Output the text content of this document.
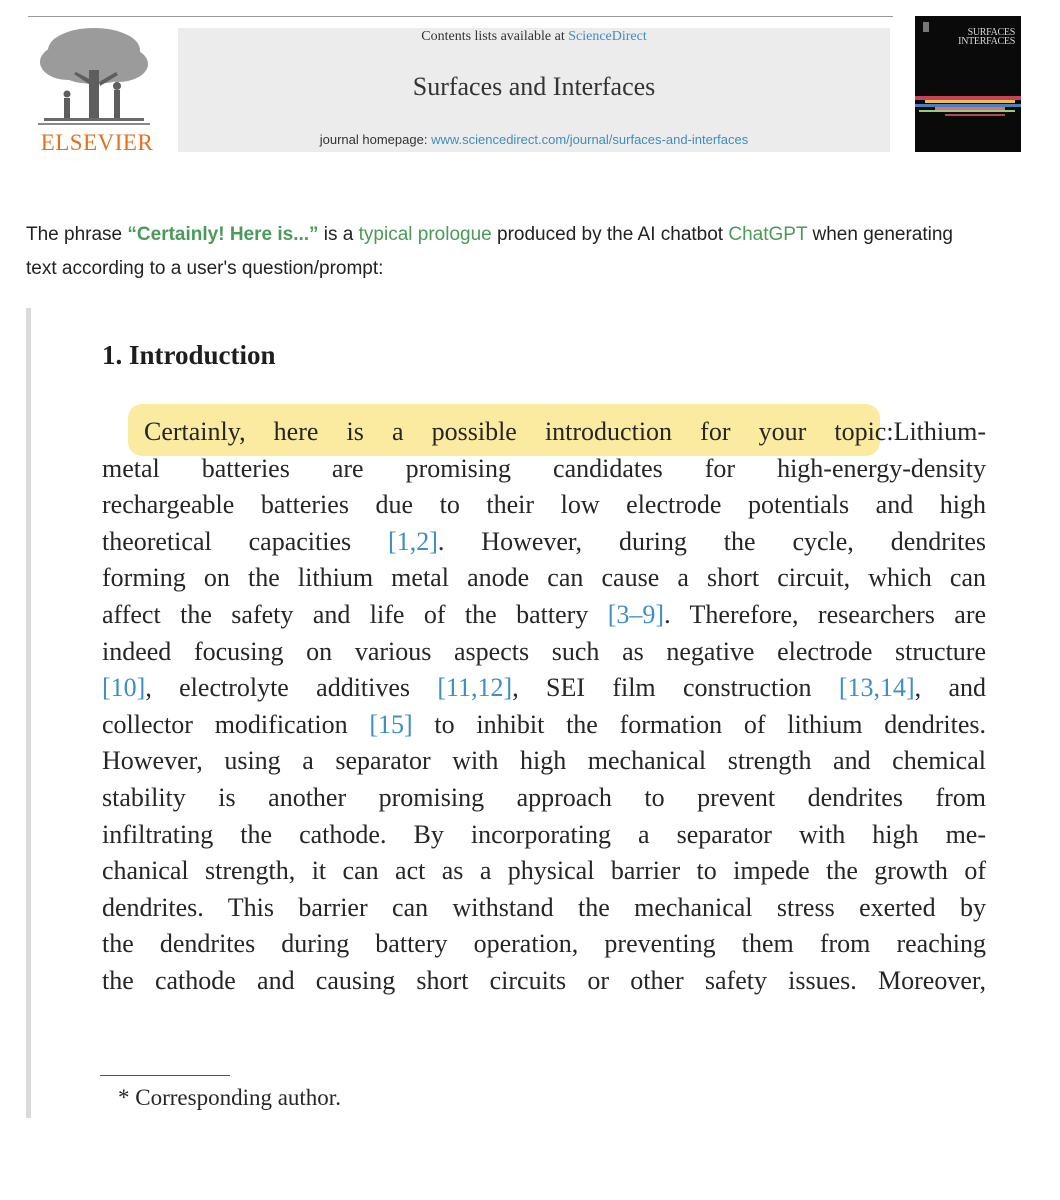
ELSEVIER
Contents lists available at ScienceDirect
Surfaces and Interfaces
journal homepage: www.sciencedirect.com/journal/surfaces-and-interfaces
SURFACES INTERFACES
The phrase “Certainly! Here is...” is a typical prologue produced by the AI chatbot ChatGPT when generating
text according to a user's question/prompt:
1. Introduction
Certainly, here is a possible introduction for your topic:Lithium-
metal batteries are promising candidates for high-energy-density
rechargeable batteries due to their low electrode potentials and high
theoretical capacities [1,2]. However, during the cycle, dendrites
forming on the lithium metal anode can cause a short circuit, which can
affect the safety and life of the battery [3–9]. Therefore, researchers are
indeed focusing on various aspects such as negative electrode structure
[10], electrolyte additives [11,12], SEI film construction [13,14], and
collector modification [15] to inhibit the formation of lithium dendrites.
However, using a separator with high mechanical strength and chemical
stability is another promising approach to prevent dendrites from
infiltrating the cathode. By incorporating a separator with high me-
chanical strength, it can act as a physical barrier to impede the growth of
dendrites. This barrier can withstand the mechanical stress exerted by
the dendrites during battery operation, preventing them from reaching
the cathode and causing short circuits or other safety issues. Moreover,
* Corresponding author.
